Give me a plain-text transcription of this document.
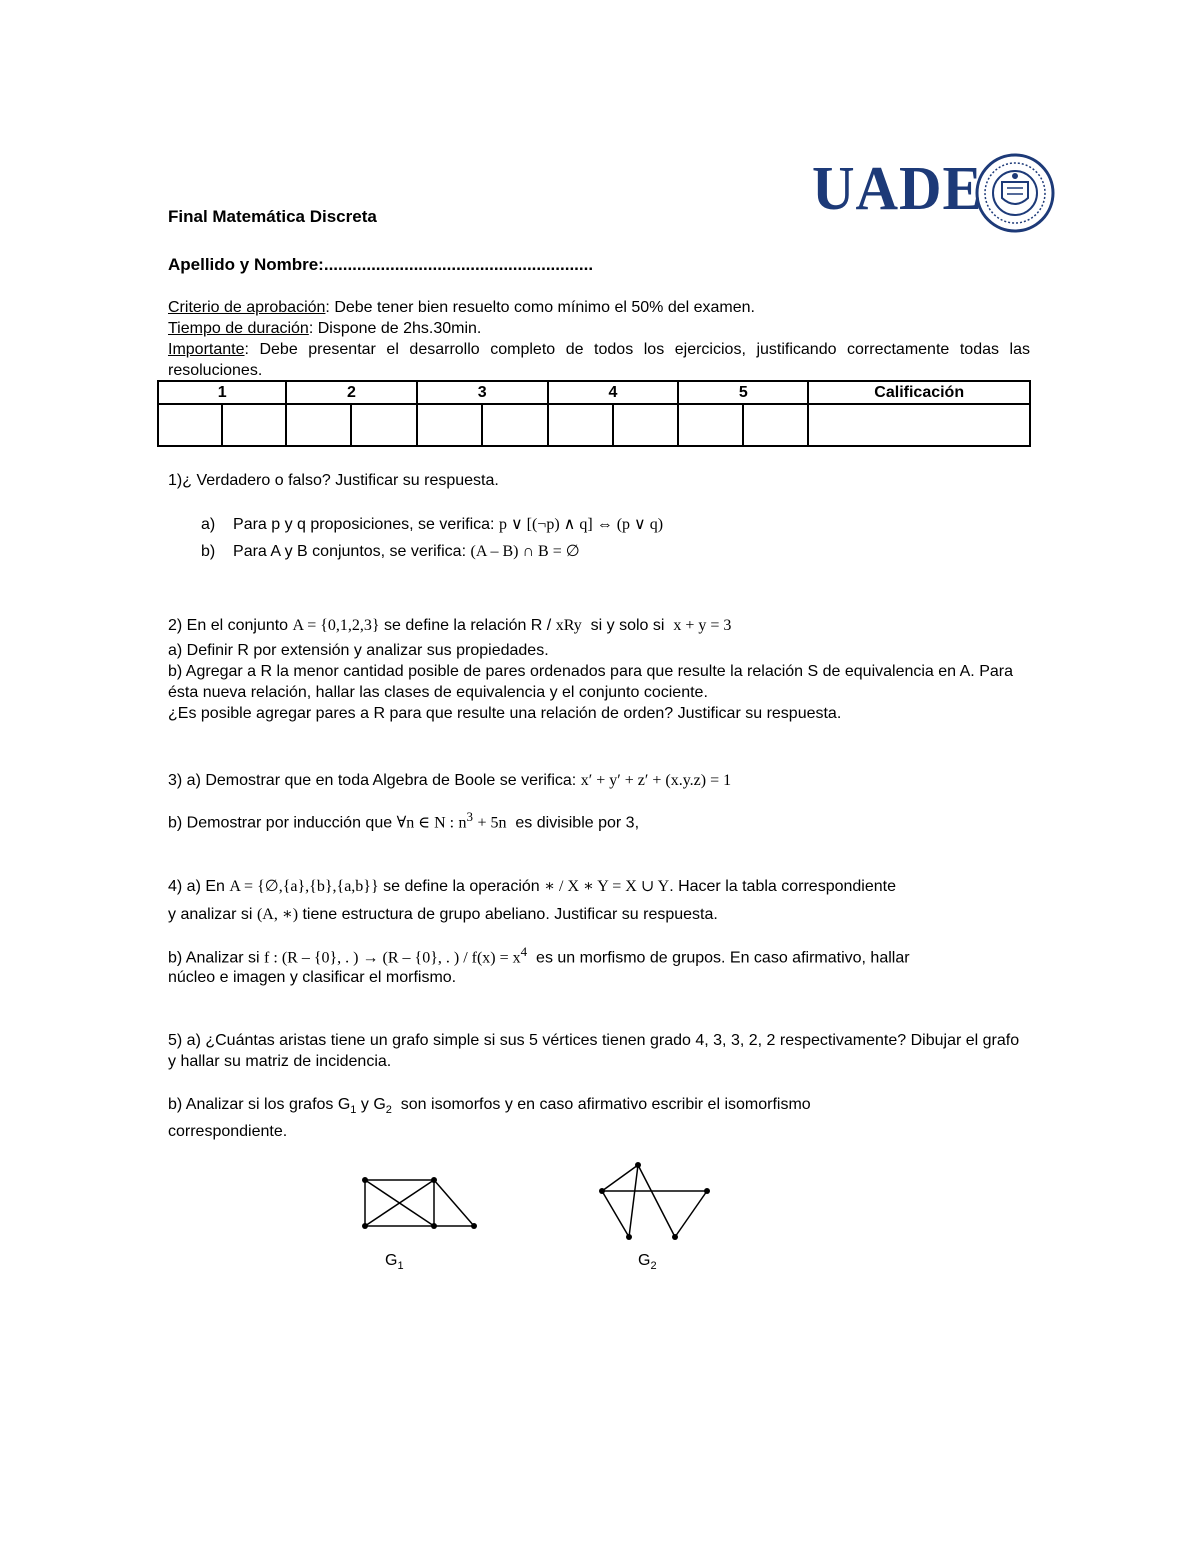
UADE
Final Matemática Discreta
Apellido y Nombre:.........................................................
Criterio de aprobación: Debe tener bien resuelto como mínimo el 50% del examen.
Tiempo de duración: Dispone de 2hs.30min.
Importante: Debe presentar el desarrollo completo de todos los ejercicios, justificando correctamente todas las resoluciones.
1		2		3		4		5		Calificación

1)¿ Verdadero o falso? Justificar su respuesta.
a) Para p y q proposiciones, se verifica: p ∨ [(¬p) ∧ q] ⇔ (p ∨ q)
b) Para A y B conjuntos, se verifica: (A – B) ∩ B = ∅
2) En el conjunto A = {0,1,2,3} se define la relación R / xRy si y solo si x + y = 3
a) Definir R por extensión y analizar sus propiedades.
b) Agregar a R la menor cantidad posible de pares ordenados para que resulte la relación S de equivalencia en A. Para ésta nueva relación, hallar las clases de equivalencia y el conjunto cociente.
¿Es posible agregar pares a R para que resulte una relación de orden? Justificar su respuesta.
3) a) Demostrar que en toda Algebra de Boole se verifica: x′ + y′ + z′ + (x.y.z) = 1
b) Demostrar por inducción que ∀n ∈ N : $n^3 + 5n$ es divisible por 3,
4) a) En A = {∅,{a},{b},{a,b}} se define la operación ∗ / X ∗ Y = X ∪ Y. Hacer la tabla correspondiente
y analizar si (A, ∗) tiene estructura de grupo abeliano. Justificar su respuesta.
b) Analizar si f : (R – {0}, . ) → (R – {0}, . ) / $f(x) = x^4$ es un morfismo de grupos. En caso afirmativo, hallar
núcleo e imagen y clasificar el morfismo.
5) a) ¿Cuántas aristas tiene un grafo simple si sus 5 vértices tienen grado 4, 3, 3, 2, 2 respectivamente? Dibujar el grafo y hallar su matriz de incidencia.
b) Analizar si los grafos $G_1$ y $G_2$ son isomorfos y en caso afirmativo escribir el isomorfismo correspondiente.
$G_1$	$G_2$
